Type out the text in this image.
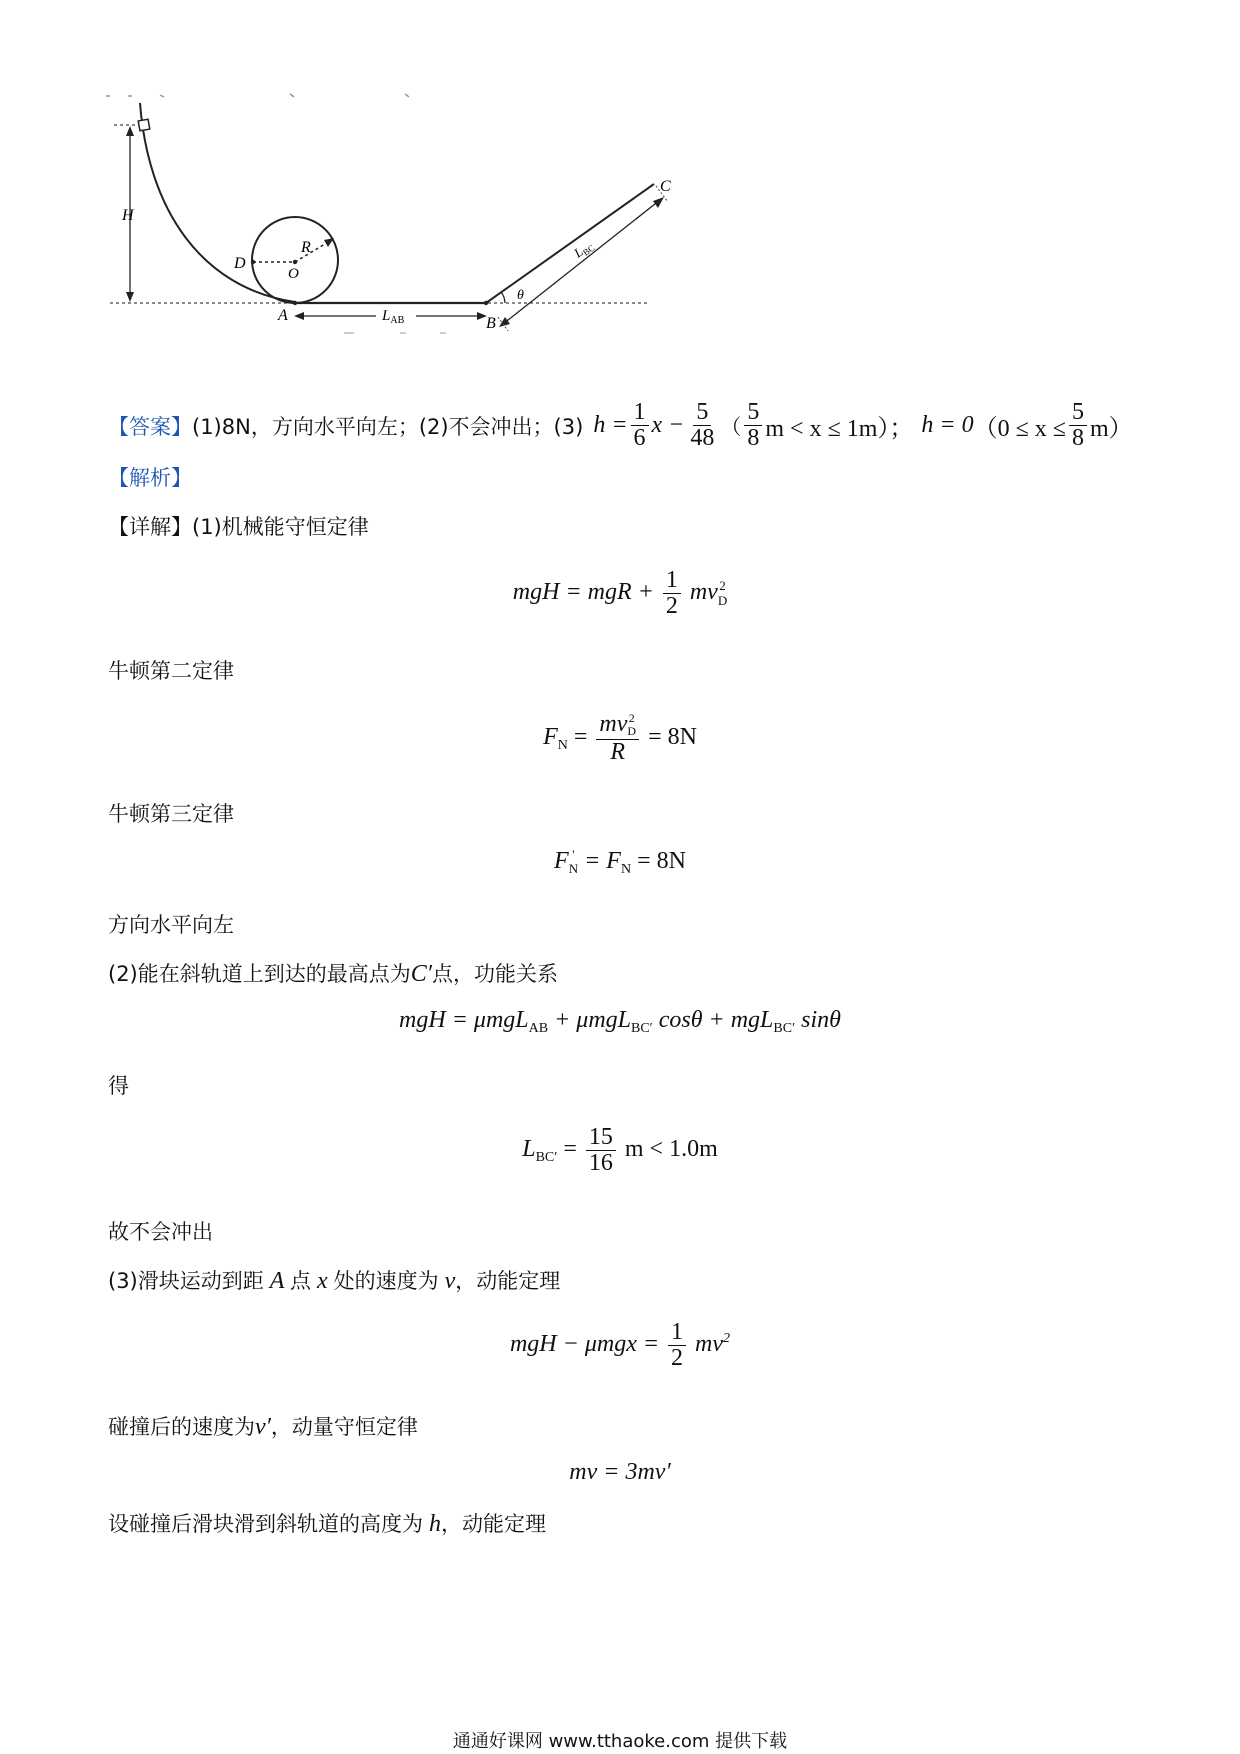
H
D
O
R
$L_{AB}$
$L_{BC}$
θ
A	B
C
【答案】 (1)8N，方向水平向左；(2)不会冲出；(3) $h = \frac{1}{6}$ $x - \frac{5}{48}$ （ $\frac{5}{8}$ m < x ≤ 1m）； h = 0 $(0 \le x \le \frac{5}{8} m)$
【解析】
【详解】(1)机械能守恒定律
mgH = mgR + $\frac{1}{2}$ mv 2
D
牛顿第二定律
$F_N$ = mv 2
D
R = 8N
牛顿第三定律
F '
$N = F_N = 8N$
方向水平向左
(2)能在斜轨道上到达的最高点为C′点，功能关系
mgH = μmgL$_{AB}$ + μmgL$_{BC'}$ cosθ + mgL$_{BC'}$ sinθ
得
$L_{BC'} = \frac{15}{16}$ m < 1.0m
故不会冲出
(3)滑块运动到距 A 点 x 处的速度为 v，动能定理
mgH − $\mu mgx = \frac{1}{2} mv^2$
碰撞后的速度为v′，动量守恒定律
mv = 3mv′
设碰撞后滑块滑到斜轨道的高度为 h，动能定理
通通好课网 www.tthaoke.com 提供下载
